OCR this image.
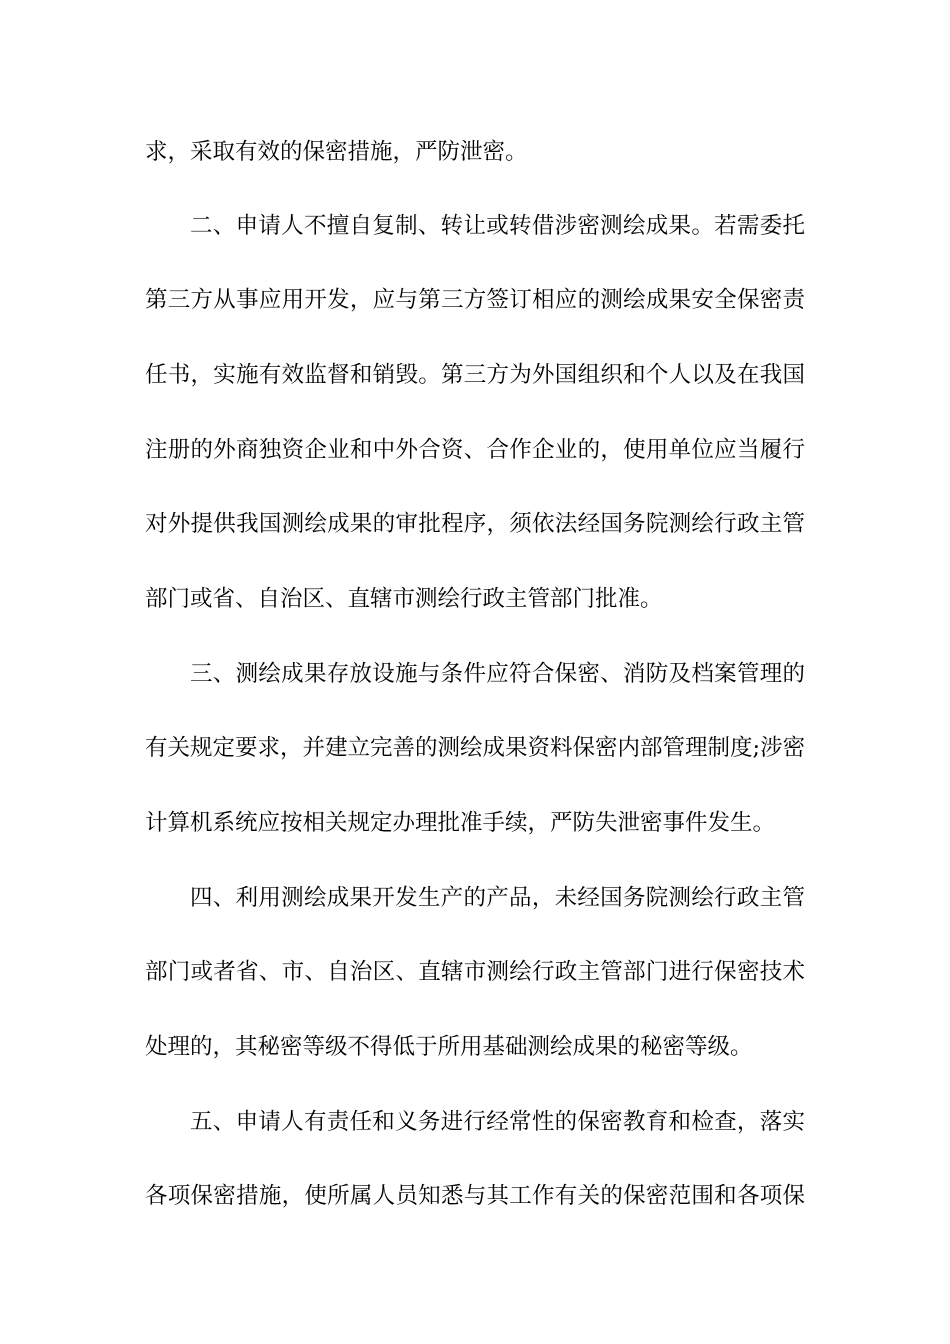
求，采取有效的保密措施，严防泄密。
二、申请人不擅自复制、转让或转借涉密测绘成果。若需委托
第三方从事应用开发，应与第三方签订相应的测绘成果安全保密责
任书，实施有效监督和销毁。第三方为外国组织和个人以及在我国
注册的外商独资企业和中外合资、合作企业的，使用单位应当履行
对外提供我国测绘成果的审批程序，须依法经国务院测绘行政主管
部门或省、自治区、直辖市测绘行政主管部门批准。
三、测绘成果存放设施与条件应符合保密、消防及档案管理的
有关规定要求，并建立完善的测绘成果资料保密内部管理制度;涉密
计算机系统应按相关规定办理批准手续，严防失泄密事件发生。
四、利用测绘成果开发生产的产品，未经国务院测绘行政主管
部门或者省、市、自治区、直辖市测绘行政主管部门进行保密技术
处理的，其秘密等级不得低于所用基础测绘成果的秘密等级。
五、申请人有责任和义务进行经常性的保密教育和检查，落实
各项保密措施，使所属人员知悉与其工作有关的保密范围和各项保
